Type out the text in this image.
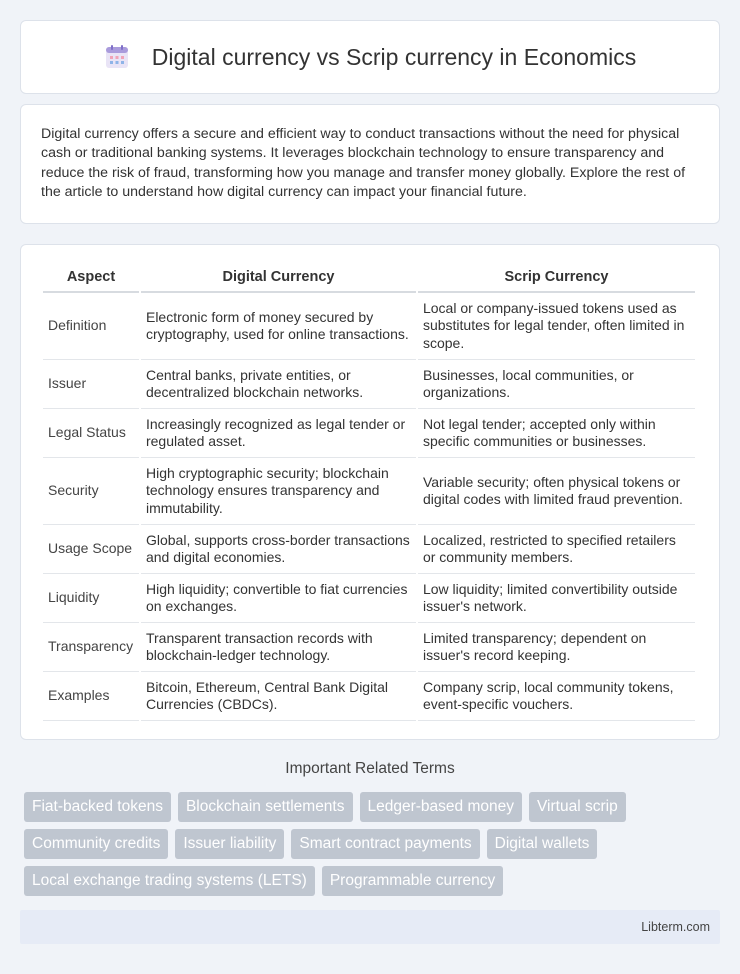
Digital currency vs Scrip currency in Economics

Digital currency offers a secure and efficient way to conduct transactions without the need for physical cash or traditional banking systems. It leverages blockchain technology to ensure transparency and reduce the risk of fraud, transforming how you manage and transfer money globally. Explore the rest of the article to understand how digital currency can impact your financial future.

Aspect	Digital Currency	Scrip Currency
Definition	Electronic form of money secured by cryptography, used for online transactions.	Local or company-issued tokens used as substitutes for legal tender, often limited in scope.
Issuer	Central banks, private entities, or decentralized blockchain networks.	Businesses, local communities, or organizations.
Legal Status	Increasingly recognized as legal tender or regulated asset.	Not legal tender; accepted only within specific communities or businesses.
Security	High cryptographic security; blockchain technology ensures transparency and immutability.	Variable security; often physical tokens or digital codes with limited fraud prevention.
Usage Scope	Global, supports cross-border transactions and digital economies.	Localized, restricted to specified retailers or community members.
Liquidity	High liquidity; convertible to fiat currencies on exchanges.	Low liquidity; limited convertibility outside issuer's network.
Transparency	Transparent transaction records with blockchain-ledger technology.	Limited transparency; dependent on issuer's record keeping.
Examples	Bitcoin, Ethereum, Central Bank Digital Currencies (CBDCs).	Company scrip, local community tokens, event-specific vouchers.
Important Related Terms
Fiat-backed tokens	Blockchain settlements	Ledger-based money	Virtual scrip
Community credits	Issuer liability	Smart contract payments	Digital wallets
Local exchange trading systems (LETS)	Programmable currency
Libterm.com
